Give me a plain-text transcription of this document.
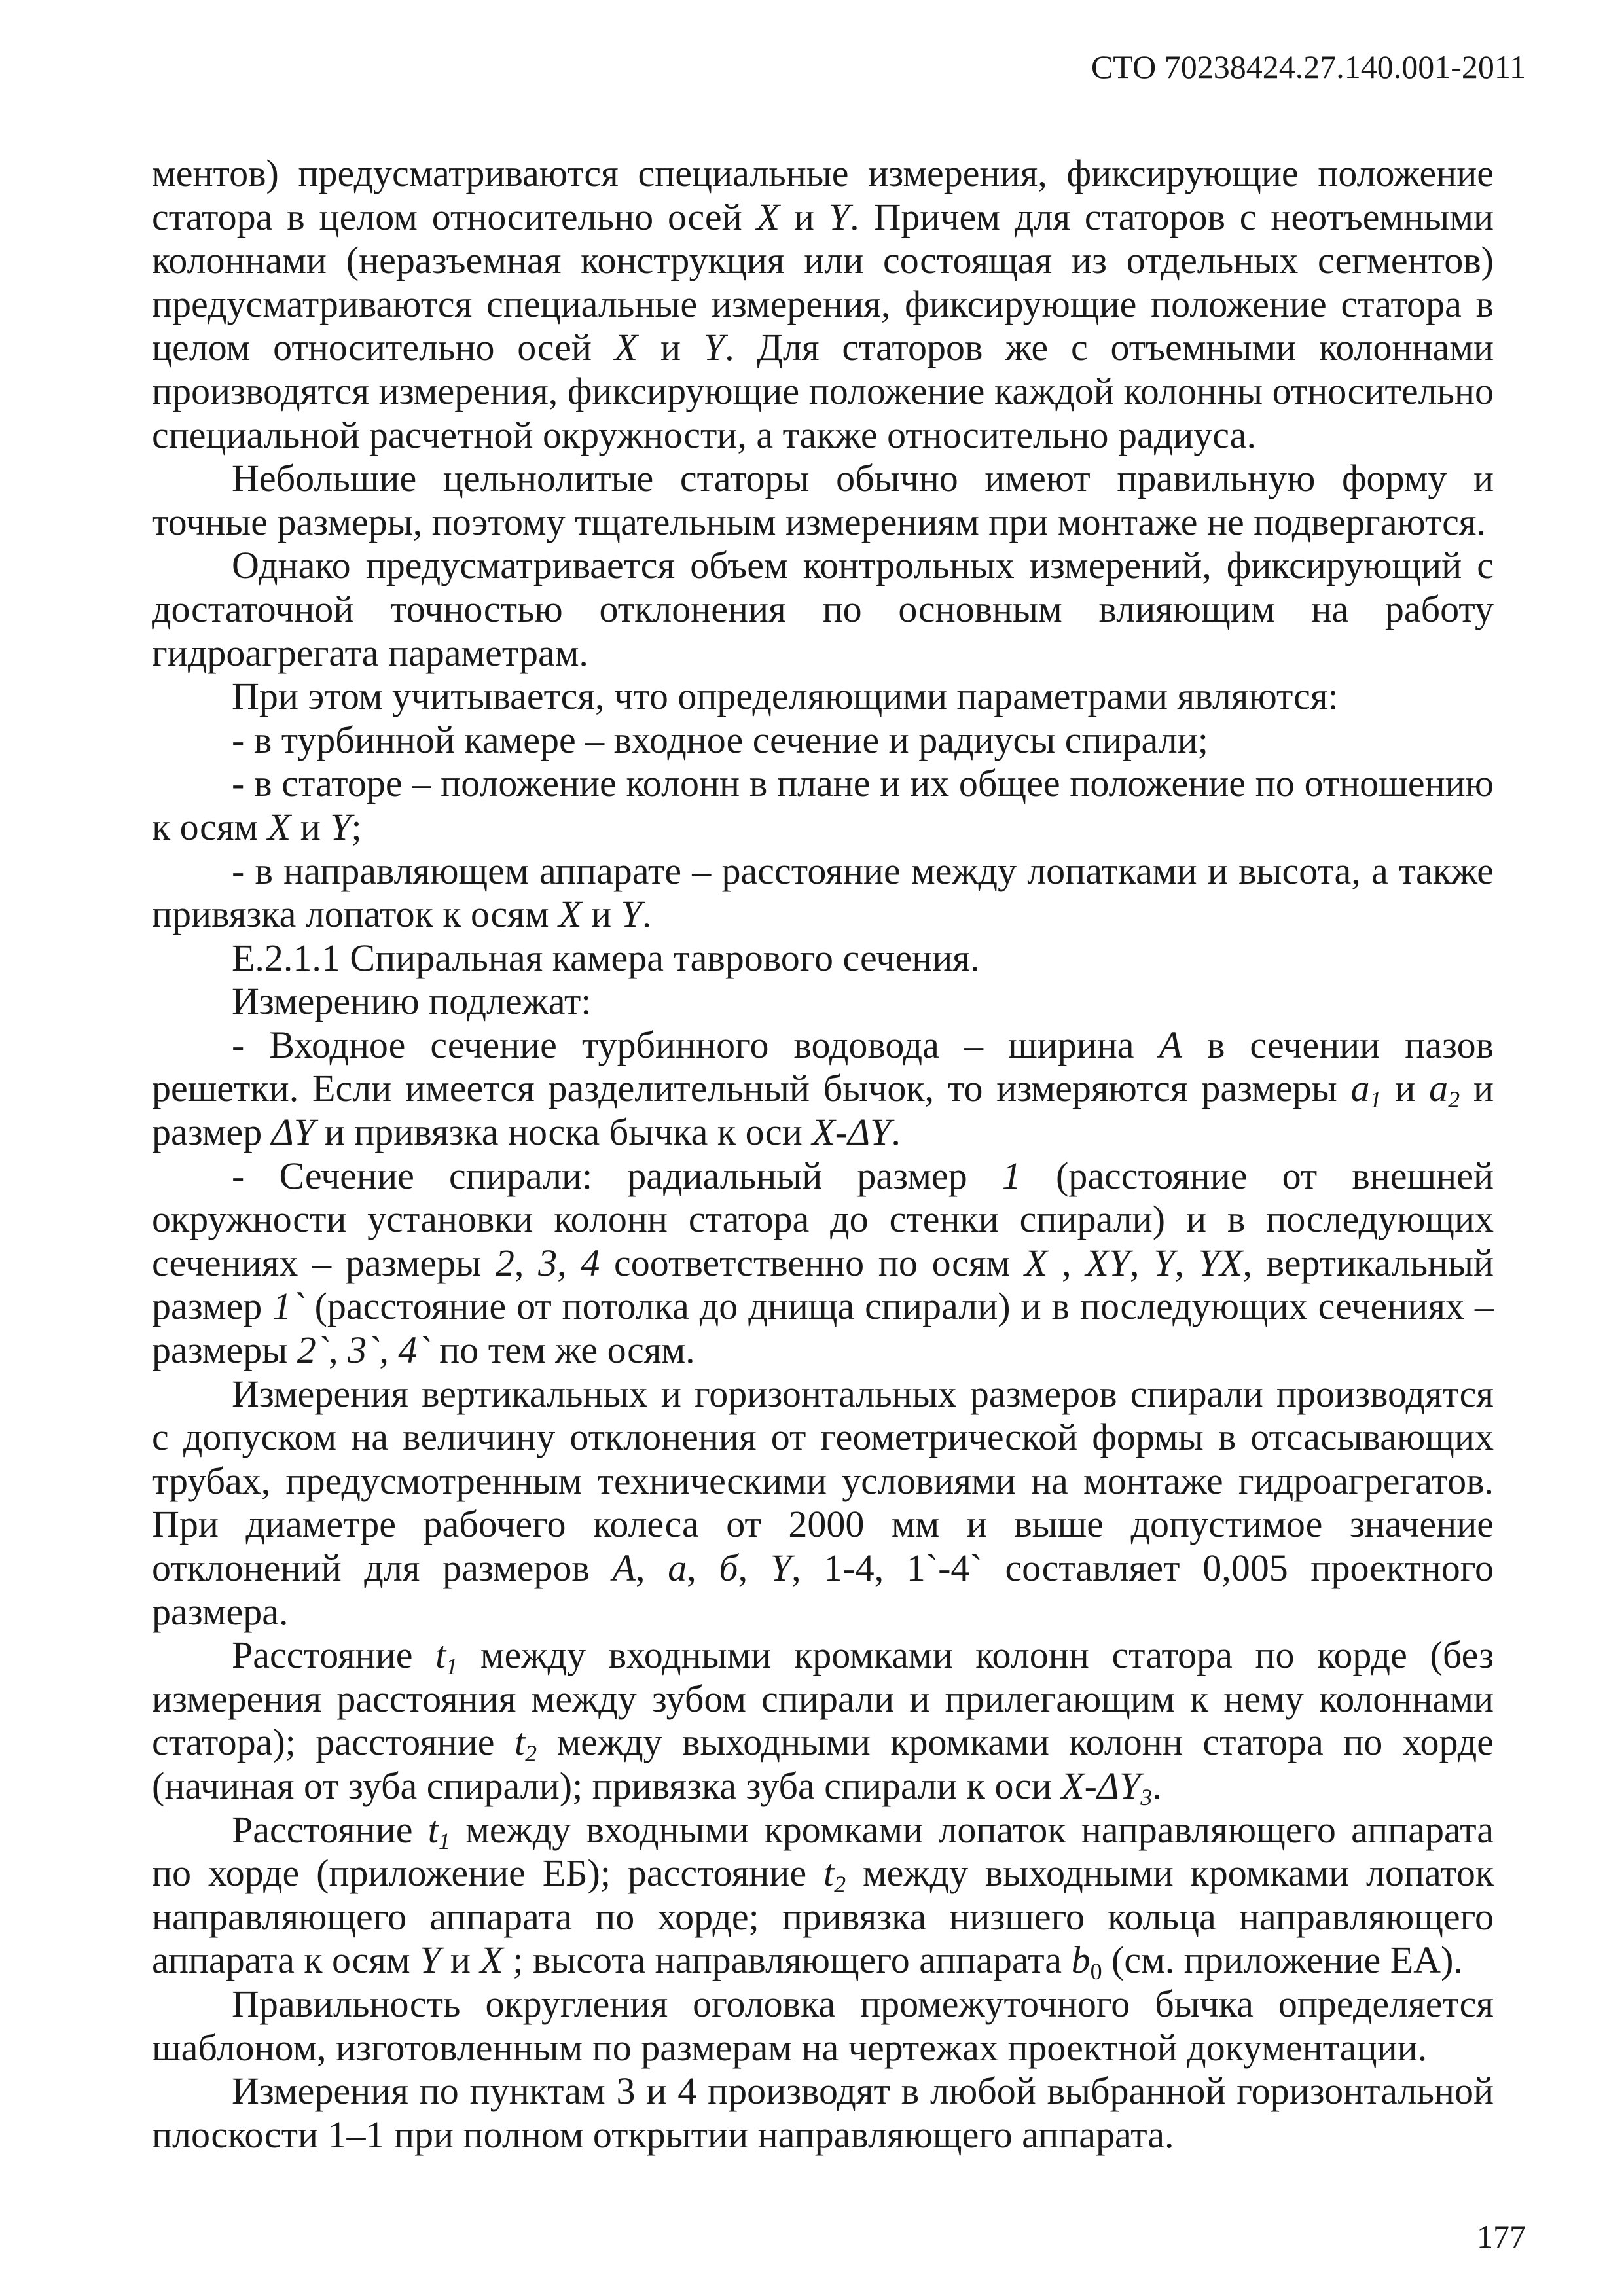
СТО 70238424.27.140.001-2011

ментов) предусматриваются специальные измерения, фиксирующие положение статора в целом относительно осей X и Y. Причем для статоров с неотъемными колоннами (неразъемная конструкция или состоящая из отдельных сегментов) предусматриваются специальные измерения, фиксирующие положение статора в целом относительно осей X и Y. Для статоров же с отъемными колоннами производятся измерения, фиксирующие положение каждой колонны относительно специальной расчетной окружности, а также относительно радиуса.

Небольшие цельнолитые статоры обычно имеют правильную форму и точные размеры, поэтому тщательным измерениям при монтаже не подвергаются.

Однако предусматривается объем контрольных измерений, фиксирующий с достаточной точностью отклонения по основным влияющим на работу гидроагрегата параметрам.

При этом учитывается, что определяющими параметрами являются:

- в турбинной камере – входное сечение и радиусы спирали;

- в статоре – положение колонн в плане и их общее положение по отношению к осям X и Y;

- в направляющем аппарате – расстояние между лопатками и высота, а также привязка лопаток к осям X и Y.

Е.2.1.1 Спиральная камера таврового сечения.

Измерению подлежат:

- Входное сечение турбинного водовода – ширина А в сечении пазов решетки. Если имеется разделительный бычок, то измеряются размеры $а_1$ и $а_2$ и размер ΔY и привязка носка бычка к оси X-ΔY.

- Сечение спирали: радиальный размер 1 (расстояние от внешней окружности установки колонн статора до стенки спирали) и в последующих сечениях – размеры 2, 3, 4 соответственно по осям X , XY, Y, YX, вертикальный размер 1` (расстояние от потолка до днища спирали) и в последующих сечениях – размеры 2`, 3`, 4` по тем же осям.

Измерения вертикальных и горизонтальных размеров спирали производятся с допуском на величину отклонения от геометрической формы в отсасывающих трубах, предусмотренным техническими условиями на монтаже гидроагрегатов. При диаметре рабочего колеса от 2000 мм и выше допустимое значение отклонений для размеров А, а, б, Y, 1-4, 1`-4` составляет 0,005 проектного размера.

Расстояние $t_1$ между входными кромками колонн статора по корде (без измерения расстояния между зубом спирали и прилегающим к нему колоннами статора); расстояние $t_2$ между выходными кромками колонн статора по хорде (начиная от зуба спирали); привязка зуба спирали к оси $X-\Delta Y_3$.

Расстояние $t_1$ между входными кромками лопаток направляющего аппарата по хорде (приложение ЕБ); расстояние $t_2$ между выходными кромками лопаток направляющего аппарата по хорде; привязка низшего кольца направляющего аппарата к осям Y и X ; высота направляющего аппарата $b_0$ (см. приложение ЕА).

Правильность округления оголовка промежуточного бычка определяется шаблоном, изготовленным по размерам на чертежах проектной документации.

Измерения по пунктам 3 и 4 производят в любой выбранной горизонтальной плоскости 1–1 при полном открытии направляющего аппарата.

177
